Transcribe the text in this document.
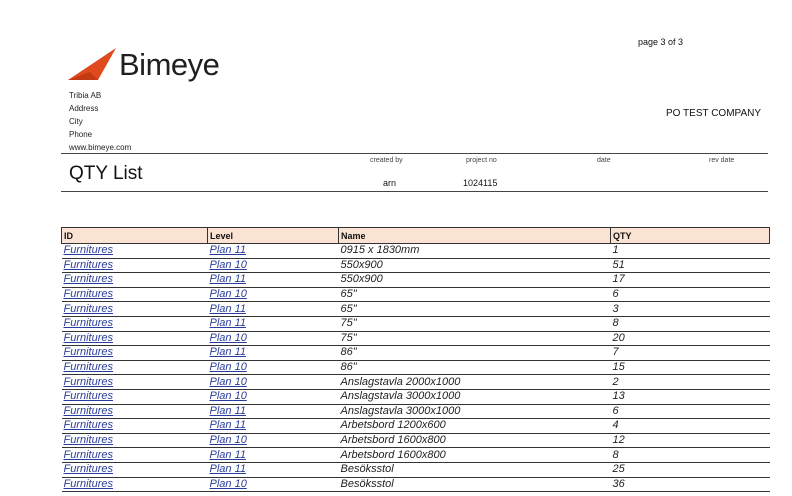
page 3 of 3
Bimeye
Tribia AB
Address
City
Phone
www.bimeye.com
PO TEST COMPANY
QTY List
created by	project no	date	rev date
arn	1024115
ID	Level	Name	QTY
Furnitures	Plan 11	0915 x 1830mm	1
Furnitures	Plan 10	550x900	51
Furnitures	Plan 11	550x900	17
Furnitures	Plan 10	65"	6
Furnitures	Plan 11	65"	3
Furnitures	Plan 11	75"	8
Furnitures	Plan 10	75"	20
Furnitures	Plan 11	86"	7
Furnitures	Plan 10	86"	15
Furnitures	Plan 10	Anslagstavla 2000x1000	2
Furnitures	Plan 10	Anslagstavla 3000x1000	13
Furnitures	Plan 11	Anslagstavla 3000x1000	6
Furnitures	Plan 11	Arbetsbord 1200x600	4
Furnitures	Plan 10	Arbetsbord 1600x800	12
Furnitures	Plan 11	Arbetsbord 1600x800	8
Furnitures	Plan 11	Besöksstol	25
Furnitures	Plan 10	Besöksstol	36
